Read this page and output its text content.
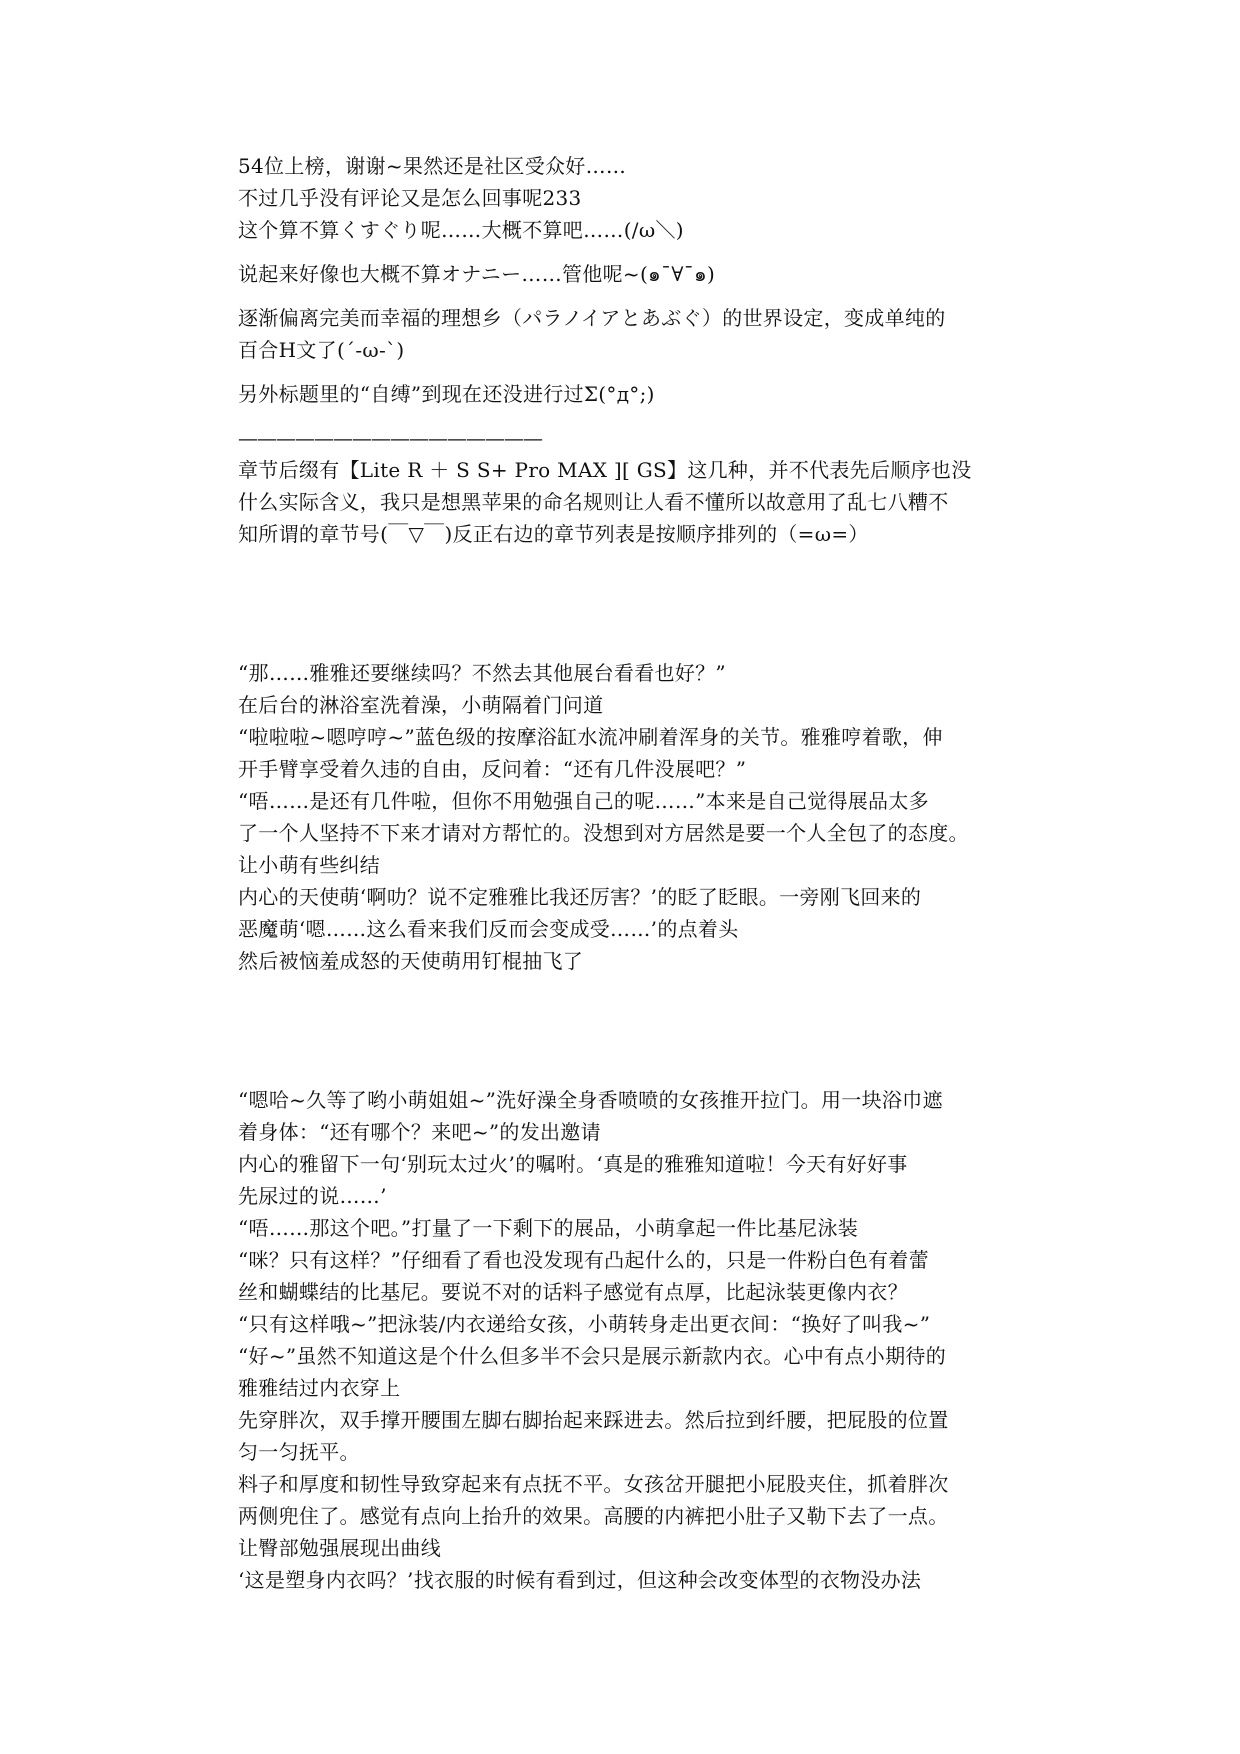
54位上榜，谢谢~果然还是社区受众好……

不过几乎没有评论又是怎么回事呢233

这个算不算くすぐり呢……大概不算吧……(/ω＼)

说起来好像也大概不算オナニー……管他呢~(๑¯∀¯๑)

逐渐偏离完美而幸福的理想乡（パラノイアとあぶぐ）的世界设定，变成单纯的

百合H文了(´-ω-`)

另外标题里的“自缚”到现在还没进行过Σ(°д°;)

————————————————

章节后缀有【Lite R ＋ S S+ Pro MAX ][ GS】这几种，并不代表先后顺序也没

什么实际含义，我只是想黑苹果的命名规则让人看不懂所以故意用了乱七八糟不

知所谓的章节号(￣▽￣)反正右边的章节列表是按顺序排列的（=ω=）

“那……雅雅还要继续吗？不然去其他展台看看也好？”

在后台的淋浴室洗着澡，小萌隔着门问道

“啦啦啦~嗯哼哼~”蓝色级的按摩浴缸水流冲刷着浑身的关节。雅雅哼着歌，伸

开手臂享受着久违的自由，反问着：“还有几件没展吧？”

“唔……是还有几件啦，但你不用勉强自己的呢……”本来是自己觉得展品太多

了一个人坚持不下来才请对方帮忙的。没想到对方居然是要一个人全包了的态度。

让小萌有些纠结

内心的天使萌‘啊叻？说不定雅雅比我还厉害？’的眨了眨眼。一旁刚飞回来的

恶魔萌‘嗯……这么看来我们反而会变成受……’的点着头

然后被恼羞成怒的天使萌用钉棍抽飞了

“嗯哈~久等了哟小萌姐姐~”洗好澡全身香喷喷的女孩推开拉门。用一块浴巾遮

着身体：“还有哪个？来吧~”的发出邀请

内心的雅留下一句‘别玩太过火’的嘱咐。‘真是的雅雅知道啦！今天有好好事

先尿过的说……’

“唔……那这个吧。”打量了一下剩下的展品，小萌拿起一件比基尼泳装

“咪？只有这样？”仔细看了看也没发现有凸起什么的，只是一件粉白色有着蕾

丝和蝴蝶结的比基尼。要说不对的话料子感觉有点厚，比起泳装更像内衣？

“只有这样哦~”把泳装/内衣递给女孩，小萌转身走出更衣间：“换好了叫我~”

“好~”虽然不知道这是个什么但多半不会只是展示新款内衣。心中有点小期待的

雅雅结过内衣穿上

先穿胖次，双手撑开腰围左脚右脚抬起来踩进去。然后拉到纤腰，把屁股的位置

匀一匀抚平。

料子和厚度和韧性导致穿起来有点抚不平。女孩岔开腿把小屁股夹住，抓着胖次

两侧兜住了。感觉有点向上抬升的效果。高腰的内裤把小肚子又勒下去了一点。

让臀部勉强展现出曲线

‘这是塑身内衣吗？’找衣服的时候有看到过，但这种会改变体型的衣物没办法
